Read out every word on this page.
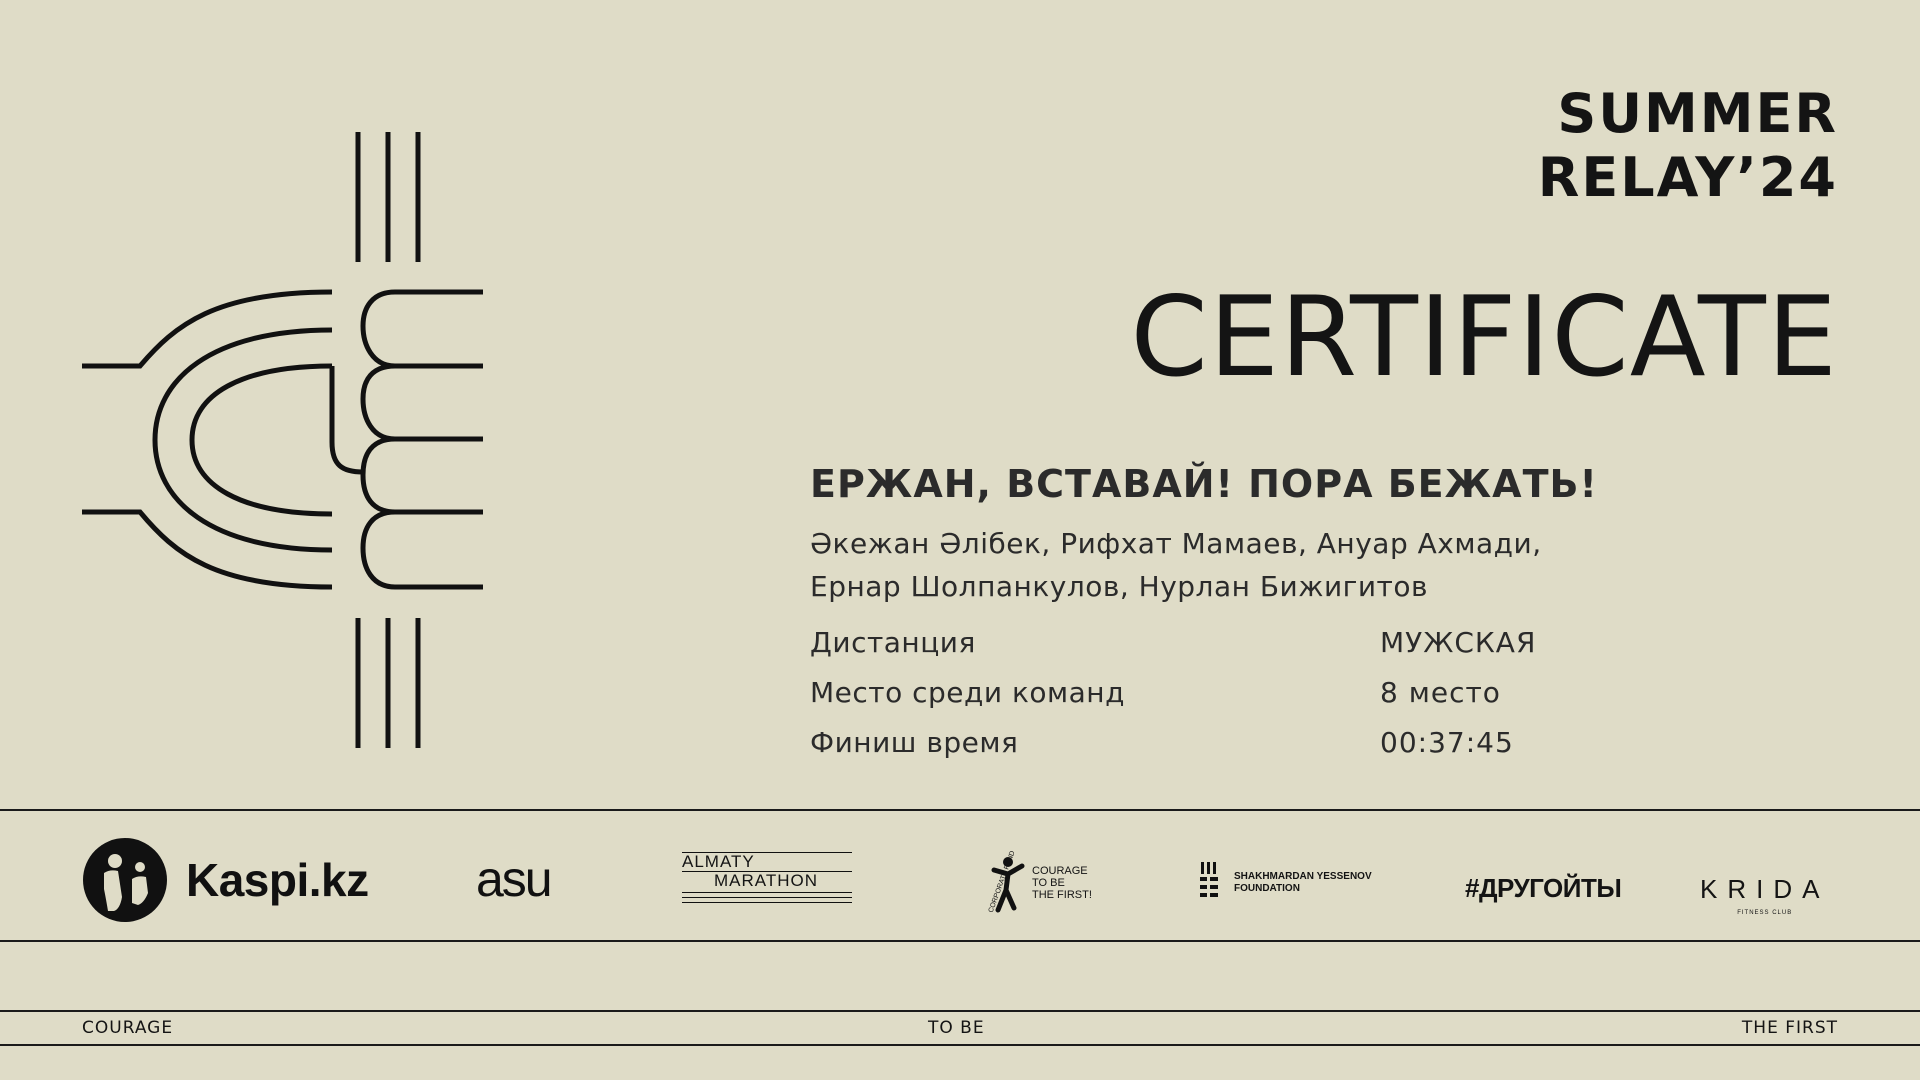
SUMMER
RELAY’24
CERTIFICATE
ЕРЖАН, ВСТАВАЙ! ПОРА БЕЖАТЬ!
Әкежан Әлібек, Рифхат Мамаев, Ануар Ахмади,
Ернар Шолпанкулов, Нурлан Бижигитов
Дистанция	МУЖСКАЯ
Место среди команд	8 место
Финиш время	00:37:45
Kaspi.kz asu	ALMATY
MARATHON	CORPORATE FUND COURAGE
TO BE
THE FIRST!
SHAKHMARDAN YESSENOV
FOUNDATION	#ДРУГОЙТЫ	KRIDA
FITNESS CLUB
COURAGE	TO BE	THE FIRST
